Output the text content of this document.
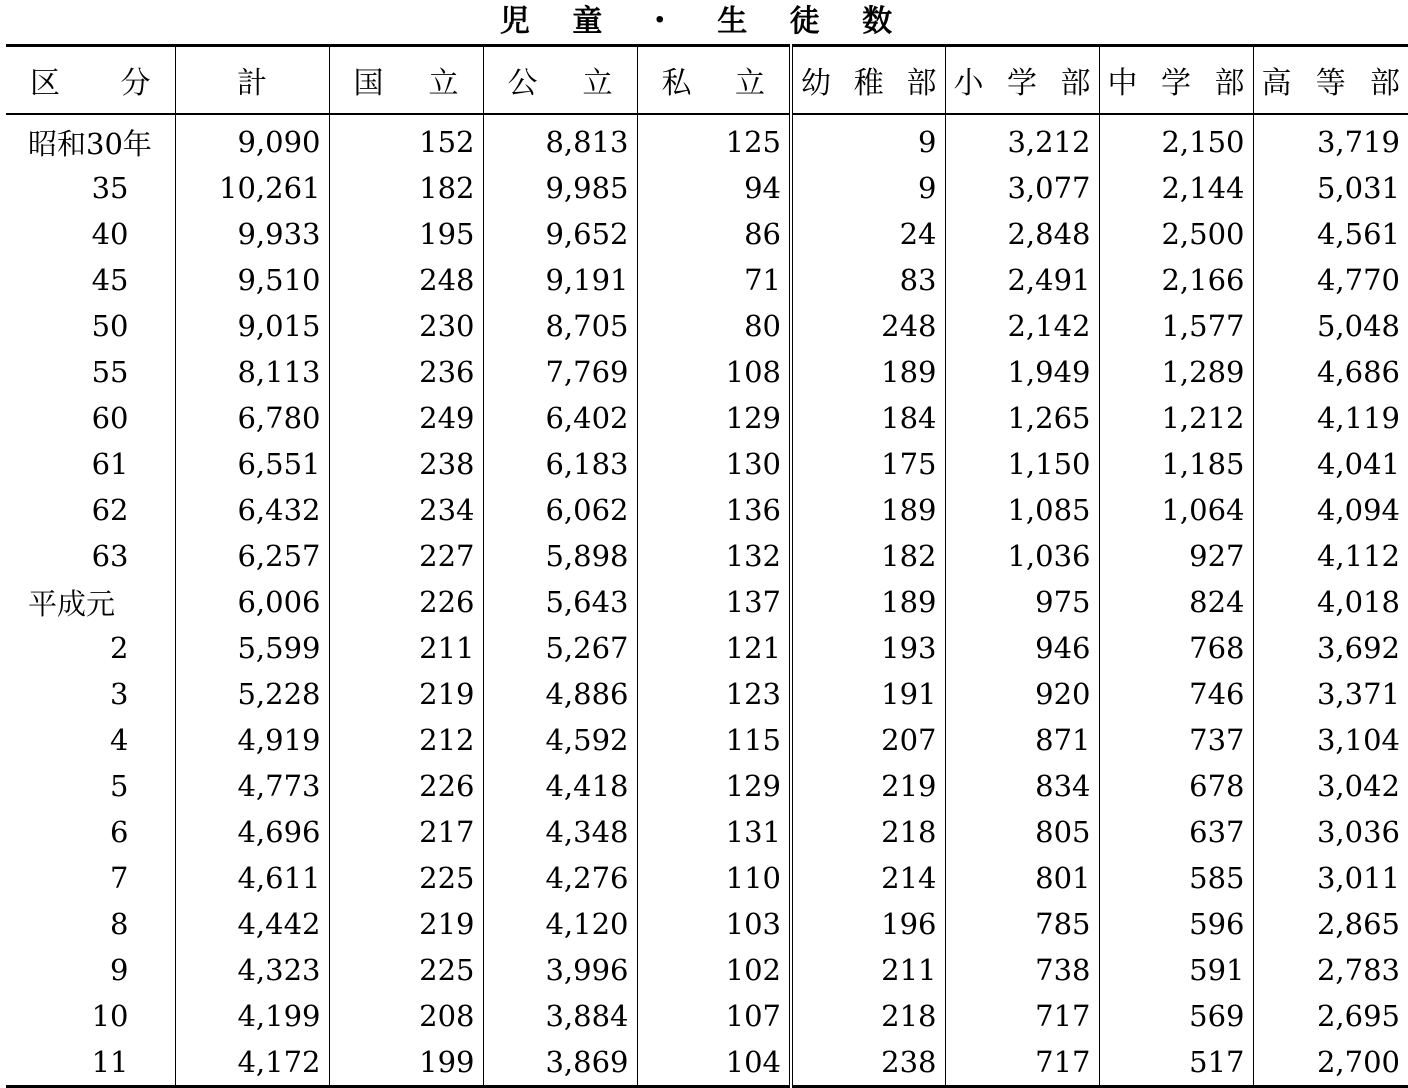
児 童 ・ 生 徒 数
区 分	計	国 立	公 立	私 立	幼 稚 部	小 学 部	中 学 部	高 等 部

昭和30年	9,090	152	8,813	125	9	3,212	2,150	3,719
35	10,261	182	9,985	94	9	3,077	2,144	5,031
40	9,933	195	9,652	86	24	2,848	2,500	4,561
45	9,510	248	9,191	71	83	2,491	2,166	4,770
50	9,015	230	8,705	80	248	2,142	1,577	5,048
55	8,113	236	7,769	108	189	1,949	1,289	4,686
60	6,780	249	6,402	129	184	1,265	1,212	4,119
61	6,551	238	6,183	130	175	1,150	1,185	4,041
62	6,432	234	6,062	136	189	1,085	1,064	4,094
63	6,257	227	5,898	132	182	1,036	927	4,112
平成元	6,006	226	5,643	137	189	975	824	4,018
2	5,599	211	5,267	121	193	946	768	3,692
3	5,228	219	4,886	123	191	920	746	3,371
4	4,919	212	4,592	115	207	871	737	3,104
5	4,773	226	4,418	129	219	834	678	3,042
6	4,696	217	4,348	131	218	805	637	3,036
7	4,611	225	4,276	110	214	801	585	3,011
8	4,442	219	4,120	103	196	785	596	2,865
9	4,323	225	3,996	102	211	738	591	2,783
10	4,199	208	3,884	107	218	717	569	2,695
11	4,172	199	3,869	104	238	717	517	2,700
